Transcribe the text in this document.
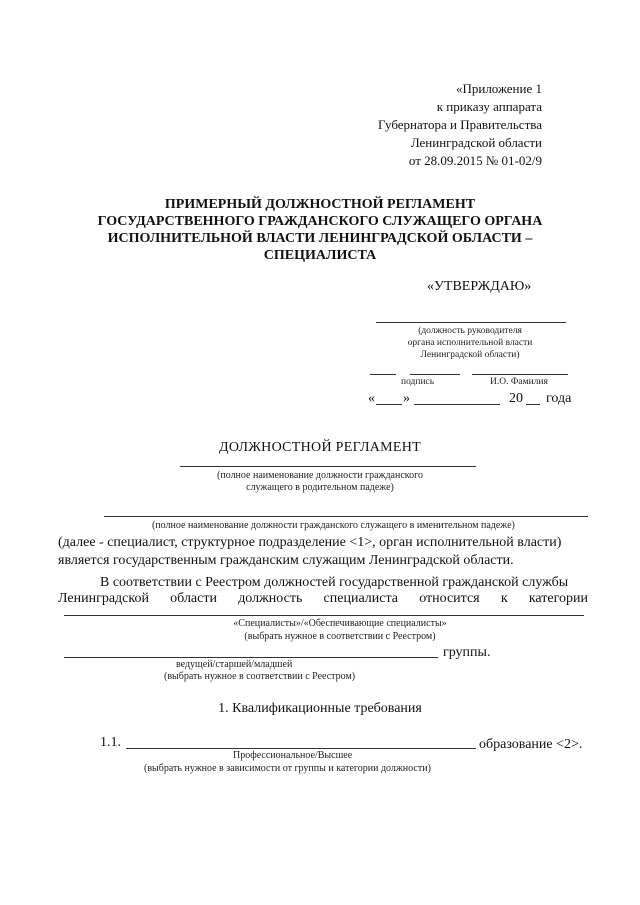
«Приложение 1
к приказу аппарата
Губернатора и Правительства
Ленинградской области
от 28.09.2015 № 01-02/9
ПРИМЕРНЫЙ ДОЛЖНОСТНОЙ РЕГЛАМЕНТ
ГОСУДАРСТВЕННОГО ГРАЖДАНСКОГО СЛУЖАЩЕГО ОРГАНА
ИСПОЛНИТЕЛЬНОЙ ВЛАСТИ ЛЕНИНГРАДСКОЙ ОБЛАСТИ –
СПЕЦИАЛИСТА
«УТВЕРЖДАЮ»
(должность руководителя
органа исполнительной власти
Ленинградской области)
подпись	И.О. Фамилия
« »	20 года
ДОЛЖНОСТНОЙ РЕГЛАМЕНТ
(полное наименование должности гражданского
служащего в родительном падеже)
(полное наименование должности гражданского служащего в именительном падеже)
(далее - специалист, структурное подразделение <1>, орган исполнительной власти)
является государственным гражданским служащим Ленинградской области.
В соответствии с Реестром должностей государственной гражданской службы
Ленинградской области должность специалиста относится к категории
«Специалисты»/«Обеспечивающие специалисты»
(выбрать нужное в соответствии с Реестром)
группы.
ведущей/старшей/младшей
(выбрать нужное в соответствии с Реестром)
1. Квалификационные требования
1.1.	образование <2>.
Профессиональное/Высшее
(выбрать нужное в зависимости от группы и категории должности)
